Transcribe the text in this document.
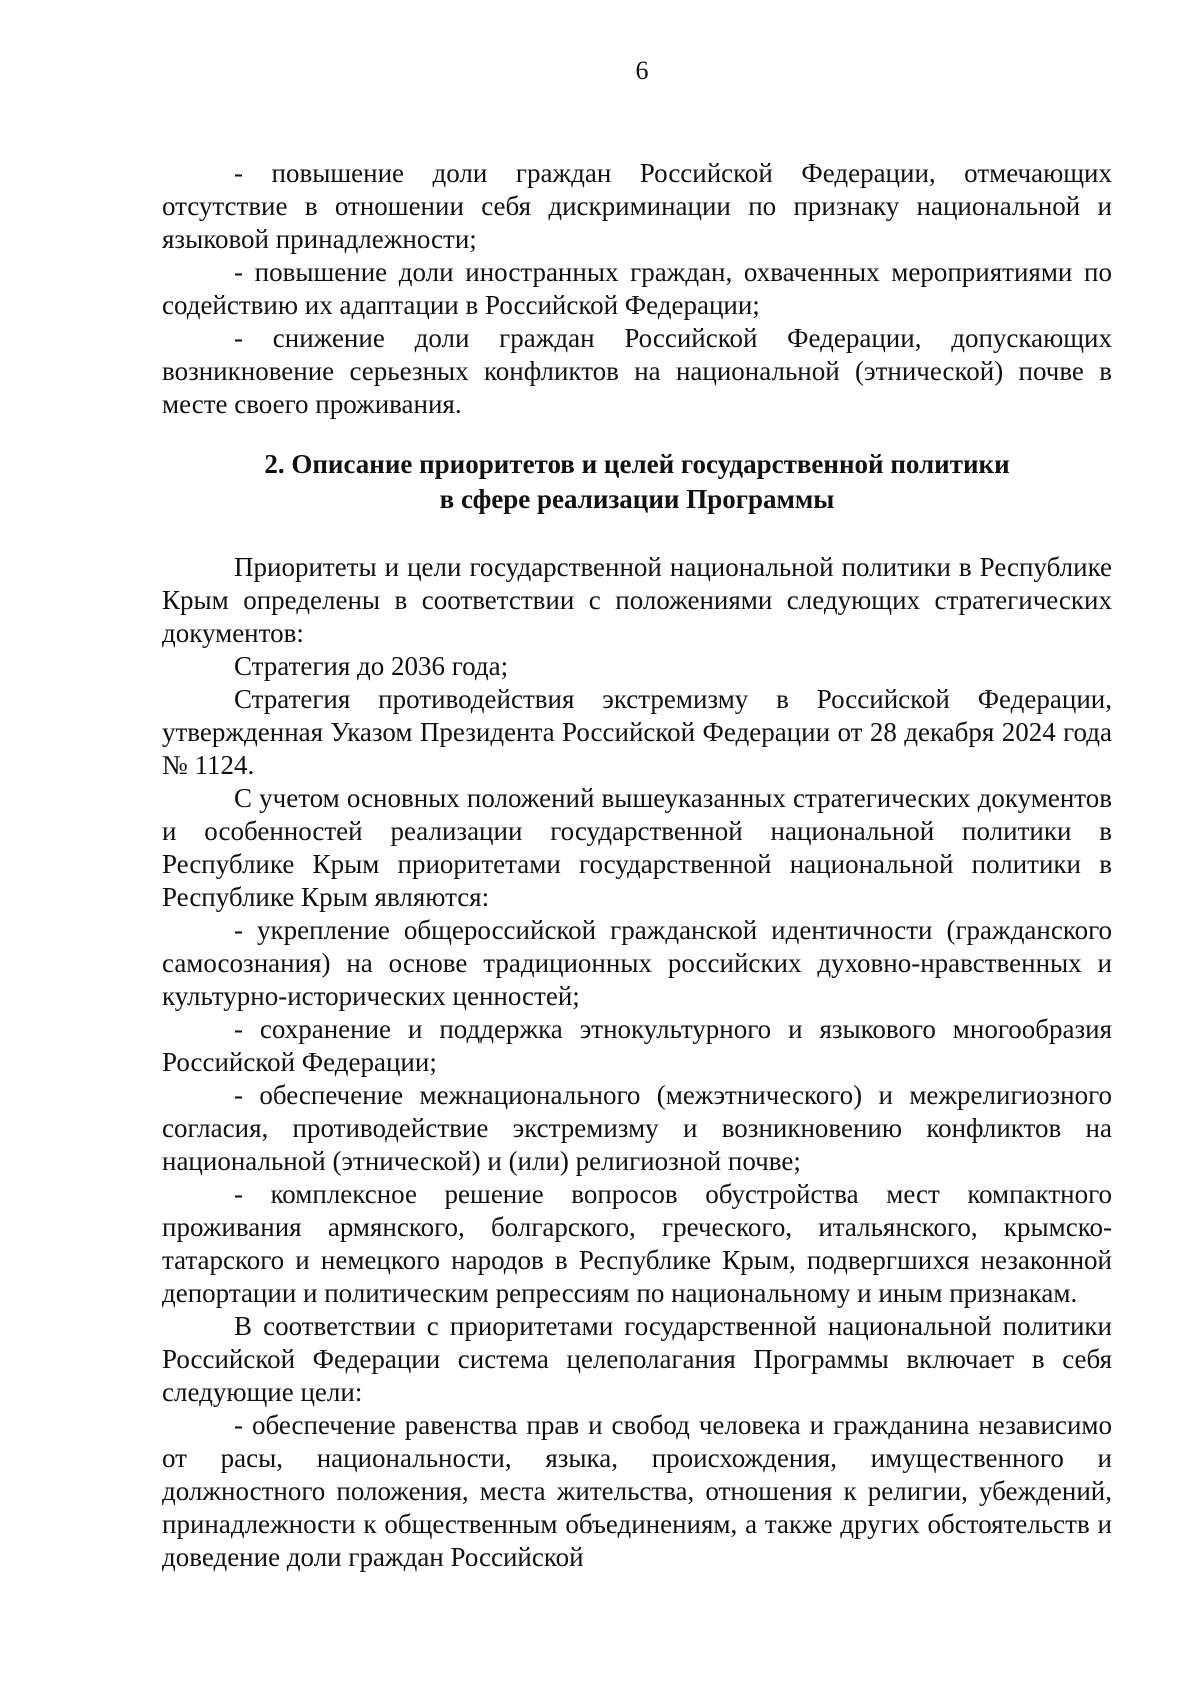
6

- повышение доли граждан Российской Федерации, отмечающих отсутствие в отношении себя дискриминации по признаку национальной и языковой принадлежности;

- повышение доли иностранных граждан, охваченных мероприятиями по содействию их адаптации в Российской Федерации;

- снижение доли граждан Российской Федерации, допускающих возникновение серьезных конфликтов на национальной (этнической) почве в месте своего проживания.

2. Описание приоритетов и целей государственной политики
в сфере реализации Программы

Приоритеты и цели государственной национальной политики в Республике Крым определены в соответствии с положениями следующих стратегических документов:

Стратегия до 2036 года;

Стратегия противодействия экстремизму в Российской Федерации, утвержденная Указом Президента Российской Федерации от 28 декабря 2024 года № 1124.

С учетом основных положений вышеуказанных стратегических документов и особенностей реализации государственной национальной политики в Республике Крым приоритетами государственной национальной политики в Республике Крым являются:

- укрепление общероссийской гражданской идентичности (гражданского самосознания) на основе традиционных российских духовно-нравственных и культурно-исторических ценностей;

- сохранение и поддержка этнокультурного и языкового многообразия Российской Федерации;

- обеспечение межнационального (межэтнического) и межрелигиозного согласия, противодействие экстремизму и возникновению конфликтов на национальной (этнической) и (или) религиозной почве;

- комплексное решение вопросов обустройства мест компактного проживания армянского, болгарского, греческого, итальянского, крымско-татарского и немецкого народов в Республике Крым, подвергшихся незаконной депортации и политическим репрессиям по национальному и иным признакам.

В соответствии с приоритетами государственной национальной политики Российской Федерации система целеполагания Программы включает в себя следующие цели:

- обеспечение равенства прав и свобод человека и гражданина независимо от расы, национальности, языка, происхождения, имущественного и должностного положения, места жительства, отношения к религии, убеждений, принадлежности к общественным объединениям, а также других обстоятельств и доведение доли граждан Российской
